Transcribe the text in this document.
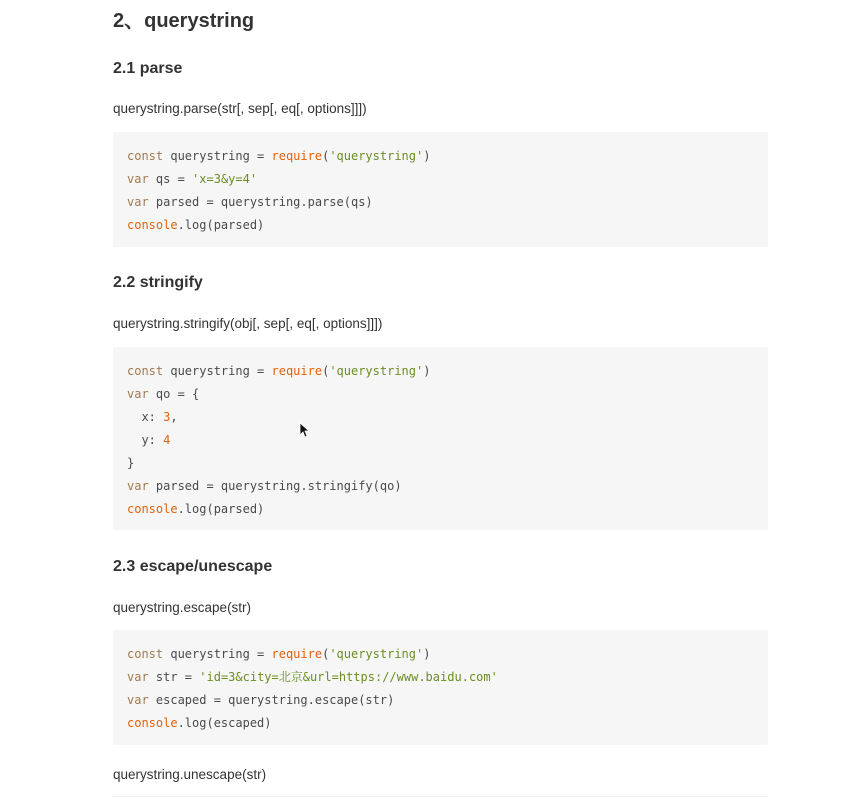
2、querystring
2.1 parse

querystring.parse(str[, sep[, eq[, options]]])

const querystring = require('querystring')
var qs = 'x=3&y=4'
var parsed = querystring.parse(qs)
console.log(parsed)
2.2 stringify

querystring.stringify(obj[, sep[, eq[, options]]])

const querystring = require('querystring')
var qo = {
x: 3,
y: 4
}
var parsed = querystring.stringify(qo)
console.log(parsed)
2.3 escape/unescape

querystring.escape(str)

const querystring = require('querystring')
var str = 'id=3&city=北京&url=https://www.baidu.com'
var escaped = querystring.escape(str)
console.log(escaped)

querystring.unescape(str)
